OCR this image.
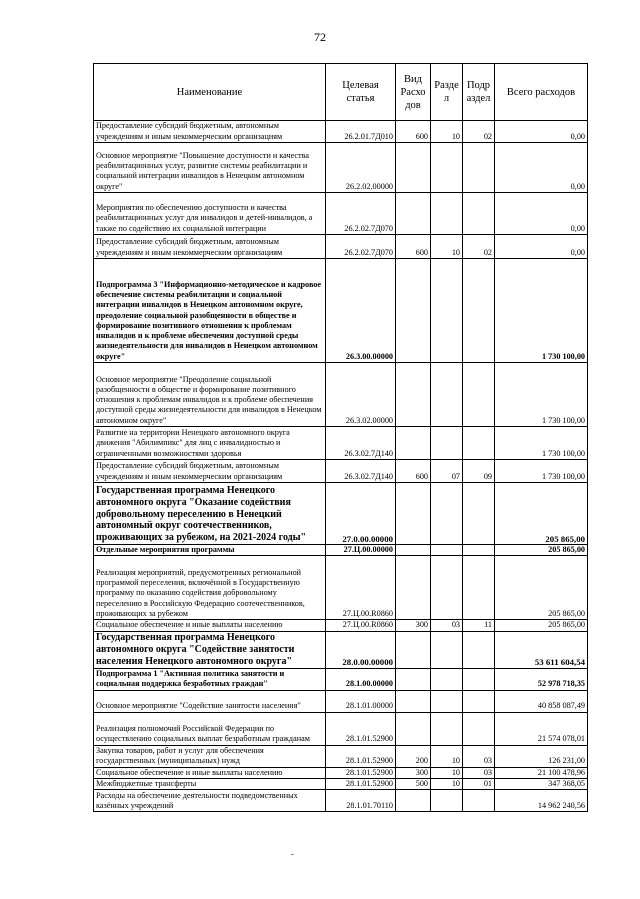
72
Наименование	Целевая статья	Вид Расхо дов	Разде л	Подр аздел	Всего расходов
Предоставление субсидий бюджетным, автономным учреждениям и иным некоммерческим организациям	26.2.01.7Д010	600	10	02	0,00
Основное мероприятие "Повышение доступности и качества реабилитационных услуг, развитие системы реабилитации и социальной интеграции инвалидов в Ненецком автономном округе"	26.2.02.00000				0,00
Мероприятия по обеспечению доступности и качества реабилитационных услуг для инвалидов и детей-инвалидов, а также по содействию их социальной интеграции	26.2.02.7Д070				0,00
Предоставление субсидий бюджетным, автономным учреждениям и иным некоммерческим организациям	26.2.02.7Д070	600	10	02	0,00
Подпрограмма 3 "Информационно-методическое и кадровое обеспечение системы реабилитации и социальной интеграции инвалидов в Ненецком автономном округе, преодоление социальной разобщенности в обществе и формирование позитивного отношения к проблемам инвалидов и к проблеме обеспечения доступной среды жизнедеятельности для инвалидов в Ненецком автономном округе"	26.3.00.00000				1 730 100,00
Основное мероприятие "Преодоление социальной разобщенности в обществе и формирование позитивного отношения к проблемам инвалидов и к проблеме обеспечения доступной среды жизнедеятельности для инвалидов в Ненецком автономном округе"	26.3.02.00000				1 730 100,00
Развитие на территории Ненецкого автономного округа движения "Абилимпикс" для лиц с инвалидностью и ограниченными возможностями здоровья	26.3.02.7Д140				1 730 100,00
Предоставление субсидий бюджетным, автономным учреждениям и иным некоммерческим организациям	26.3.02.7Д140	600	07	09	1 730 100,00
Государственная программа Ненецкого автономного округа "Оказание содействия добровольному переселению в Ненецкий автономный округ соотечественников, проживающих за рубежом, на 2021-2024 годы"	27.0.00.00000				205 865,00
Отдельные мероприятия программы	27.Ц.00.00000				205 865,00
Реализация мероприятий, предусмотренных региональной программой переселения, включённой в Государственную программу по оказанию содействия добровольному переселению в Российскую Федерацию соотечественников, проживающих за рубежом	27.Ц.00.R0860				205 865,00
Социальное обеспечение и иные выплаты населению	27.Ц.00.R0860	300	03	11	205 865,00
Государственная программа Ненецкого автономного округа "Содействие занятости населения Ненецкого автономного округа"	28.0.00.00000				53 611 604,54
Подпрограмма 1 "Активная политика занятости и социальная поддержка безработных граждан"	28.1.00.00000				52 978 718,35
Основное мероприятие "Содействие занятости населения"	28.1.01.00000				40 858 087,49
Реализация полномочий Российской Федерации по осуществлению социальных выплат безработным гражданам	28.1.01.52900				21 574 078,01
Закупка товаров, работ и услуг для обеспечения государственных (муниципальных) нужд	28.1.01.52900	200	10	03	126 231,00
Социальное обеспечение и иные выплаты населению	28.1.01.52900	300	10	03	21 100 478,96
Межбюджетные трансферты	28.1.01.52900	500	10	01	347 368,05
Расходы на обеспечение деятельности подведомственных казённых учреждений	28.1.01.70110				14 962 240,56
